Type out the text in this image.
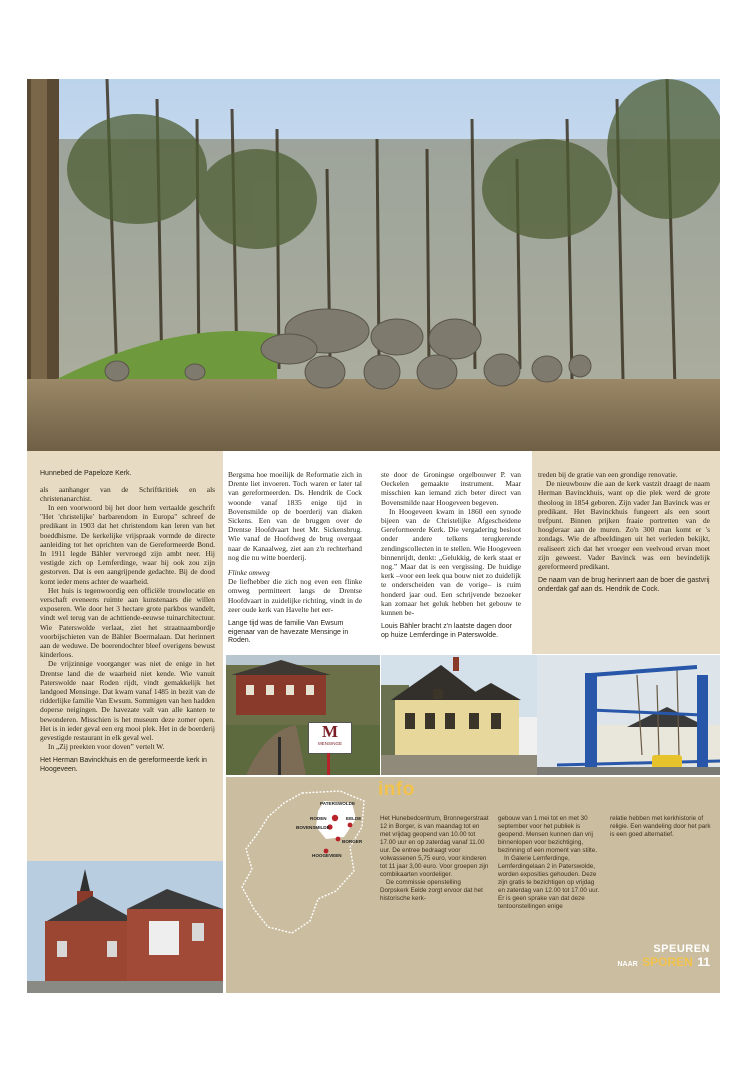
Hunnebed de Papeloze Kerk.

als aanhanger van de Schriftkritiek en als christenanarchist.

In een voorwoord bij het door hem vertaalde geschrift "Het 'christelijke' barbarendom in Europa" schreef de predikant in 1903 dat het christendom kan leren van het boeddhisme. De kerkelijke vrijspraak vormde de directe aanleiding tot het oprichten van de Gereformeerde Bond. In 1911 legde Bähler vervroegd zijn ambt neer. Hij vestigde zich op Lemferdinge, waar hij ook zou zijn gestorven. Dat is een aangrijpende gedachte. Bij de dood komt ieder mens achter de waarheid.

Het huis is tegenwoordig een officiële trouwlocatie en verschaft eveneens ruimte aan kunstenaars die willen exposeren. Wie door het 3 hectare grote parkbos wandelt, vindt wel terug van de achttiende-eeuwse tuinarchitectuur. Wie Paterswolde verlaat, ziet het straatnaambordje voorbijschieten van de Bähler Boermalaan. Dat herinnert aan de weduwe. De boerendochter bleef overigens bewust kinderloos.

De vrijzinnige voorganger was niet de enige in het Drentse land die de waarheid niet kende. Wie vanuit Paterswolde naar Roden rijdt, vindt gemakkelijk het landgoed Mensinge. Dat kwam vanaf 1485 in bezit van de ridderlijke familie Van Ewsum. Sommigen van hen hadden doperse neigingen. De havezate valt van alle kanten te bewonderen. Misschien is het museum deze zomer open. Het is in ieder geval een erg mooi plek. Het in de boerderij gevestigde restaurant in elk geval wel.

In „Zij preekten voor doven” vertelt W.

Het Herman Bavinckhuis en de gereformeerde kerk in Hoogeveen.

Bergsma hoe moeilijk de Reformatie zich in Drente liet invoeren. Toch waren er later tal van gereformeerden. Ds. Hendrik de Cock woonde vanaf 1835 enige tijd in Bovensmilde op de boerderij van diaken Sickens. Een van de bruggen over de Drentse Hoofdvaart heet Mr. Sickensbrug. Wie vanaf de Hoofdweg de brug overgaat naar de Kanaalweg, ziet aan z'n rechterhand nog die nu witte boerderij.

Flinke omweg

De liefhebber die zich nog even een flinke omweg permitteert langs de Drentse Hoofdvaart in zuidelijke richting, vindt in de zeer oude kerk van Havelte het eer-

Lange tijd was de familie Van Ewsum eigenaar van de havezate Mensinge in Roden.

ste door de Groningse orgelbouwer P. van Oeckelen gemaakte instrument. Maar misschien kan iemand zich beter direct van Bovensmilde naar Hoogeveen begeven.

In Hoogeveen kwam in 1860 een synode bijeen van de Christelijke Afgescheidene Gereformeerde Kerk. Die vergadering besloot onder andere telkens terugkerende zendingscollecten in te stellen. Wie Hoogeveen binnenrijdt, denkt: „Gelukkig, de kerk staat er nog.” Maar dat is een vergissing. De huidige kerk –voor een leek qua bouw niet zo duidelijk te onderscheiden van de vorige– is ruim honderd jaar oud. Een schrijvende bezoeker kan zomaar het geluk hebben het gebouw te kunnen be-

Louis Bähler bracht z'n laatste dagen door op huize Lemferdinge in Paterswolde.

treden bij de gratie van een grondige renovatie.

De nieuwbouw die aan de kerk vastzit draagt de naam Herman Bavinckhuis, want op die plek werd de grote theoloog in 1854 geboren. Zijn vader Jan Bavinck was er predikant. Het Bavinckhuis fungeert als een soort trefpunt. Binnen prijken fraaie portretten van de hoogleraar aan de muren. Zo'n 300 man komt er 's zondags. Wie de afbeeldingen uit het verleden bekijkt, realiseert zich dat het vroeger een veelvoud ervan moet zijn geweest. Vader Bavinck was een bevindelijk gereformeerd predikant.

De naam van de brug herinnert aan de boer die gastvrij onderdak gaf aan ds. Hendrik de Cock.

M
MENSINGE
info
PATERSWOLDE
RODEN	EELDE
BOVENSMILDE
BORGER
HOOGEVEEN

Het Hunebedcentrum, Bronnegerstraat 12 in Borger, is van maandag tot en met vrijdag geopend van 10.00 tot 17.00 uur en op zaterdag vanaf 11.00 uur. De entree bedraagt voor volwassenen 5,75 euro, voor kinderen tot 11 jaar 3,00 euro. Voor groepen zijn combikaarten voordeliger.

De commissie openstelling Dorpskerk Eelde zorgt ervoor dat het historische kerk-

gebouw van 1 mei tot en met 30 september voor het publiek is geopend. Mensen kunnen dan vrij binnenlopen voor bezichtiging, bezinning of een moment van stilte.

In Galerie Lemferdinge, Lemferdingelaan 2 in Paterswolde, worden exposities gehouden. Deze zijn gratis te bezichtigen op vrijdag en zaterdag van 12.00 tot 17.00 uur. Er is geen sprake van dat deze tentoonstellingen enige

relatie hebben met kerkhistorie of religie. Een wandeling door het park is een goed alternatief.

SPEUREN
NAAR SPOREN 11
